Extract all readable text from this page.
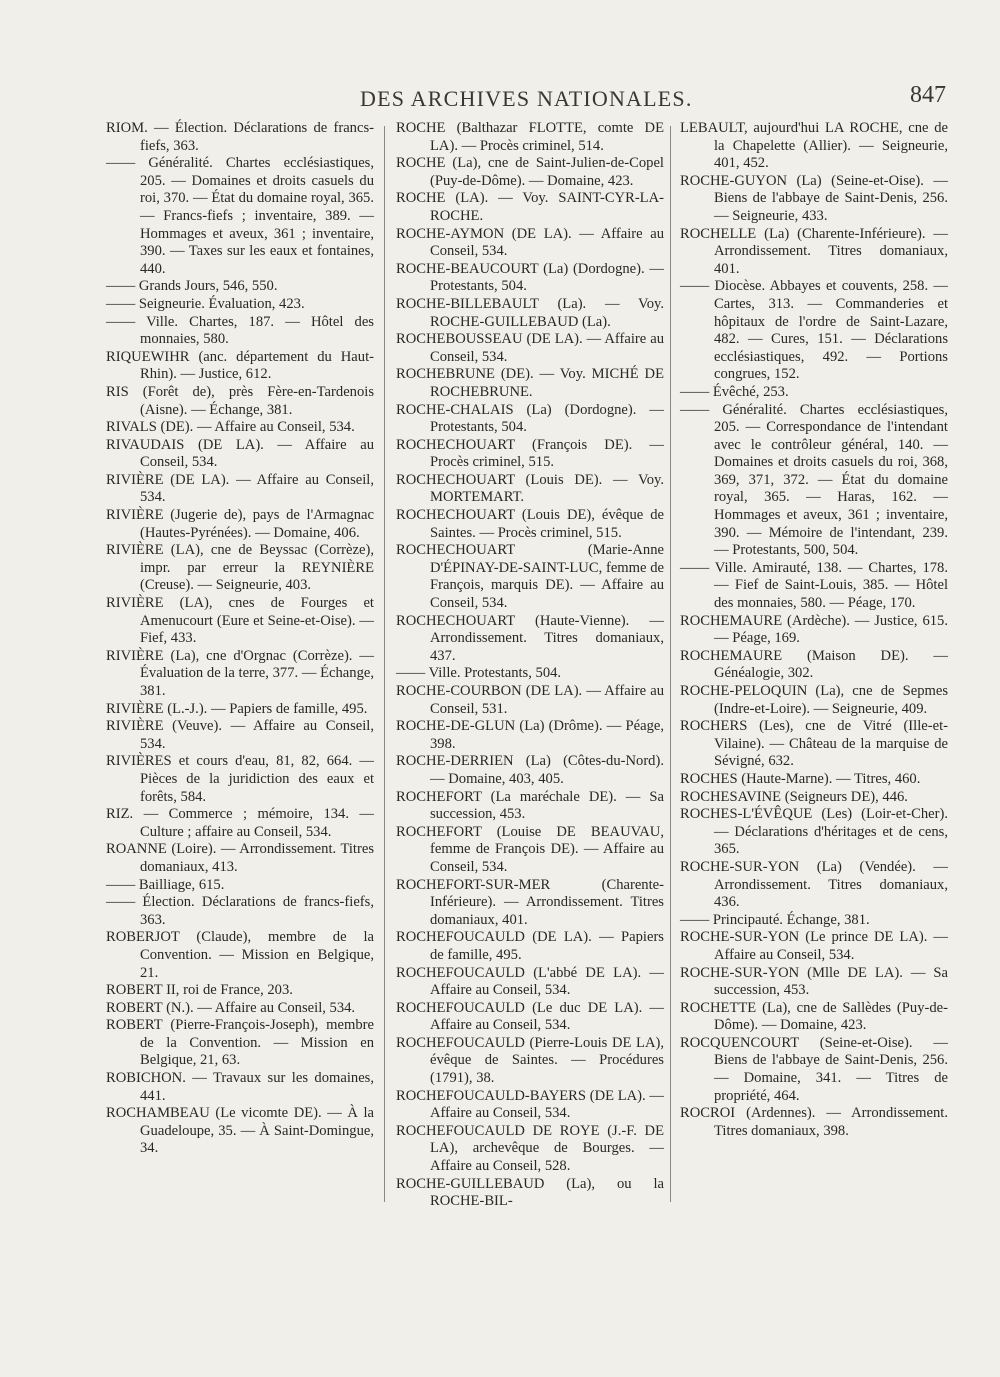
DES ARCHIVES NATIONALES.	847

RIOM. — Élection. Déclarations de francs-fiefs, 363.

—— Généralité. Chartes ecclésiastiques, 205. — Domaines et droits casuels du roi, 370. — État du domaine royal, 365. — Francs-fiefs ; inventaire, 389. — Hommages et aveux, 361 ; inventaire, 390. — Taxes sur les eaux et fontaines, 440.

—— Grands Jours, 546, 550.

—— Seigneurie. Évaluation, 423.

—— Ville. Chartes, 187. — Hôtel des monnaies, 580.

RIQUEWIHR (anc. département du Haut-Rhin). — Justice, 612.

RIS (Forêt de), près Fère-en-Tardenois (Aisne). — Échange, 381.

RIVALS (DE). — Affaire au Conseil, 534.

RIVAUDAIS (DE LA). — Affaire au Conseil, 534.

RIVIÈRE (DE LA). — Affaire au Conseil, 534.

RIVIÈRE (Jugerie de), pays de l'Armagnac (Hautes-Pyrénées). — Domaine, 406.

RIVIÈRE (LA), cne de Beyssac (Corrèze), impr. par erreur la REYNIÈRE (Creuse). — Seigneurie, 403.

RIVIÈRE (LA), cnes de Fourges et Amenucourt (Eure et Seine-et-Oise). — Fief, 433.

RIVIÈRE (La), cne d'Orgnac (Corrèze). — Évaluation de la terre, 377. — Échange, 381.

RIVIÈRE (L.-J.). — Papiers de famille, 495.

RIVIÈRE (Veuve). — Affaire au Conseil, 534.

RIVIÈRES et cours d'eau, 81, 82, 664. — Pièces de la juridiction des eaux et forêts, 584.

RIZ. — Commerce ; mémoire, 134. — Culture ; affaire au Conseil, 534.

ROANNE (Loire). — Arrondissement. Titres domaniaux, 413.

—— Bailliage, 615.

—— Élection. Déclarations de francs-fiefs, 363.

ROBERJOT (Claude), membre de la Convention. — Mission en Belgique, 21.

ROBERT II, roi de France, 203.

ROBERT (N.). — Affaire au Conseil, 534.

ROBERT (Pierre-François-Joseph), membre de la Convention. — Mission en Belgique, 21, 63.

ROBICHON. — Travaux sur les domaines, 441.

ROCHAMBEAU (Le vicomte DE). — À la Guadeloupe, 35. — À Saint-Domingue, 34.

ROCHE (Balthazar FLOTTE, comte DE LA). — Procès criminel, 514.

ROCHE (La), cne de Saint-Julien-de-Copel (Puy-de-Dôme). — Domaine, 423.

ROCHE (LA). — Voy. SAINT-CYR-LA-ROCHE.

ROCHE-AYMON (DE LA). — Affaire au Conseil, 534.

ROCHE-BEAUCOURT (La) (Dordogne). — Protestants, 504.

ROCHE-BILLEBAULT (La). — Voy. ROCHE-GUILLEBAUD (La).

ROCHEBOUSSEAU (DE LA). — Affaire au Conseil, 534.

ROCHEBRUNE (DE). — Voy. MICHÉ DE ROCHEBRUNE.

ROCHE-CHALAIS (La) (Dordogne). — Protestants, 504.

ROCHECHOUART (François DE). — Procès criminel, 515.

ROCHECHOUART (Louis DE). — Voy. MORTEMART.

ROCHECHOUART (Louis DE), évêque de Saintes. — Procès criminel, 515.

ROCHECHOUART (Marie-Anne D'ÉPINAY-DE-SAINT-LUC, femme de François, marquis DE). — Affaire au Conseil, 534.

ROCHECHOUART (Haute-Vienne). — Arrondissement. Titres domaniaux, 437.

—— Ville. Protestants, 504.

ROCHE-COURBON (DE LA). — Affaire au Conseil, 531.

ROCHE-DE-GLUN (La) (Drôme). — Péage, 398.

ROCHE-DERRIEN (La) (Côtes-du-Nord). — Domaine, 403, 405.

ROCHEFORT (La maréchale DE). — Sa succession, 453.

ROCHEFORT (Louise DE BEAUVAU, femme de François DE). — Affaire au Conseil, 534.

ROCHEFORT-SUR-MER (Charente-Inférieure). — Arrondissement. Titres domaniaux, 401.

ROCHEFOUCAULD (DE LA). — Papiers de famille, 495.

ROCHEFOUCAULD (L'abbé DE LA). — Affaire au Conseil, 534.

ROCHEFOUCAULD (Le duc DE LA). — Affaire au Conseil, 534.

ROCHEFOUCAULD (Pierre-Louis DE LA), évêque de Saintes. — Procédures (1791), 38.

ROCHEFOUCAULD-BAYERS (DE LA). — Affaire au Conseil, 534.

ROCHEFOUCAULD DE ROYE (J.-F. DE LA), archevêque de Bourges. — Affaire au Conseil, 528.

ROCHE-GUILLEBAUD (La), ou la ROCHE-BIL-

LEBAULT, aujourd'hui LA ROCHE, cne de la Chapelette (Allier). — Seigneurie, 401, 452.

ROCHE-GUYON (La) (Seine-et-Oise). — Biens de l'abbaye de Saint-Denis, 256. — Seigneurie, 433.

ROCHELLE (La) (Charente-Inférieure). — Arrondissement. Titres domaniaux, 401.

—— Diocèse. Abbayes et couvents, 258. — Cartes, 313. — Commanderies et hôpitaux de l'ordre de Saint-Lazare, 482. — Cures, 151. — Déclarations ecclésiastiques, 492. — Portions congrues, 152.

—— Évêché, 253.

—— Généralité. Chartes ecclésiastiques, 205. — Correspondance de l'intendant avec le contrôleur général, 140. — Domaines et droits casuels du roi, 368, 369, 371, 372. — État du domaine royal, 365. — Haras, 162. — Hommages et aveux, 361 ; inventaire, 390. — Mémoire de l'intendant, 239. — Protestants, 500, 504.

—— Ville. Amirauté, 138. — Chartes, 178. — Fief de Saint-Louis, 385. — Hôtel des monnaies, 580. — Péage, 170.

ROCHEMAURE (Ardèche). — Justice, 615. — Péage, 169.

ROCHEMAURE (Maison DE). — Généalogie, 302.

ROCHE-PELOQUIN (La), cne de Sepmes (Indre-et-Loire). — Seigneurie, 409.

ROCHERS (Les), cne de Vitré (Ille-et-Vilaine). — Château de la marquise de Sévigné, 632.

ROCHES (Haute-Marne). — Titres, 460.

ROCHESAVINE (Seigneurs DE), 446.

ROCHES-L'ÉVÊQUE (Les) (Loir-et-Cher). — Déclarations d'héritages et de cens, 365.

ROCHE-SUR-YON (La) (Vendée). — Arrondissement. Titres domaniaux, 436.

—— Principauté. Échange, 381.

ROCHE-SUR-YON (Le prince DE LA). — Affaire au Conseil, 534.

ROCHE-SUR-YON (Mlle DE LA). — Sa succession, 453.

ROCHETTE (La), cne de Sallèdes (Puy-de-Dôme). — Domaine, 423.

ROCQUENCOURT (Seine-et-Oise). — Biens de l'abbaye de Saint-Denis, 256. — Domaine, 341. — Titres de propriété, 464.

ROCROI (Ardennes). — Arrondissement. Titres domaniaux, 398.
